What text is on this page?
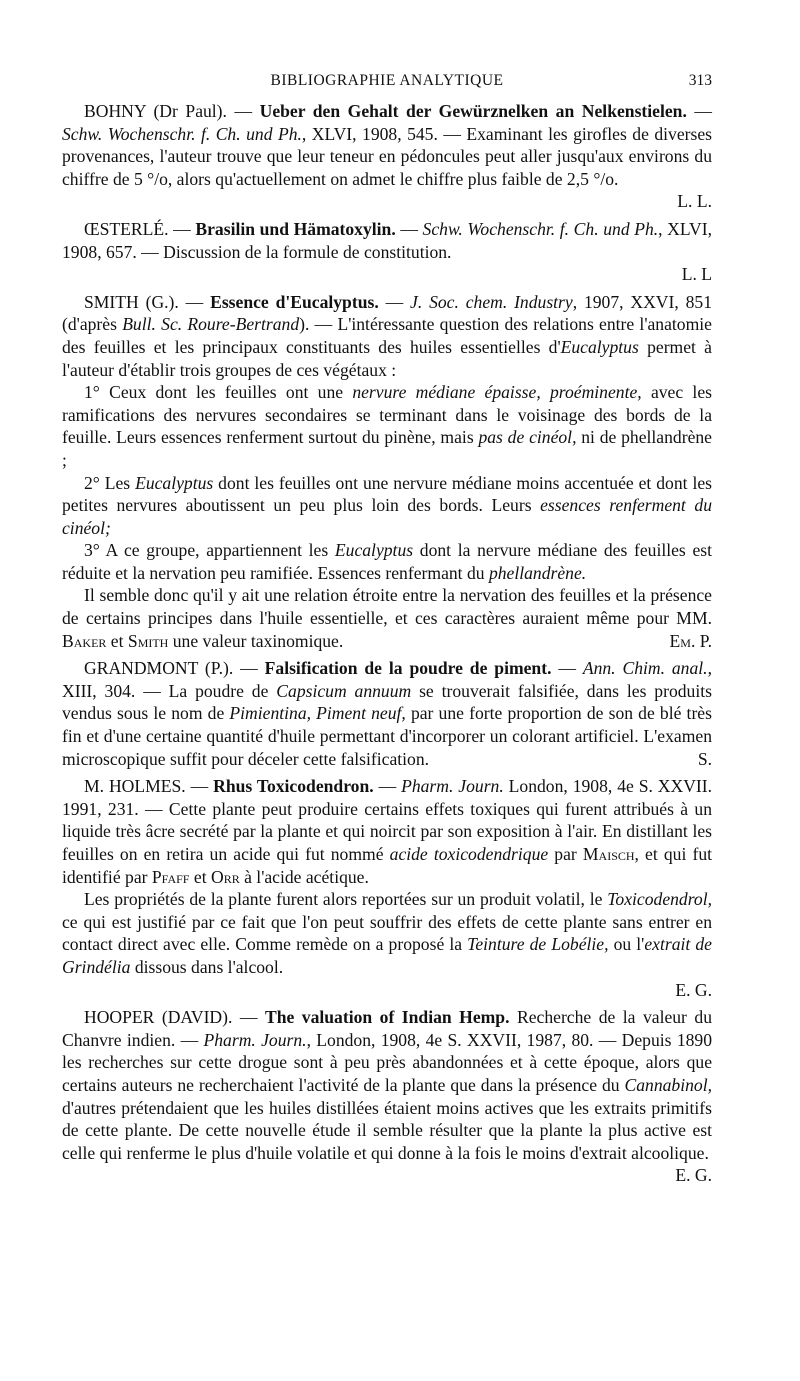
BIBLIOGRAPHIE ANALYTIQUE	313

BOHNY (Dr Paul). — Ueber den Gehalt der Gewürznelken an Nelkenstielen. — Schw. Wochenschr. f. Ch. und Ph., XLVI, 1908, 545. — Examinant les girofles de diverses provenances, l'auteur trouve que leur teneur en pédoncules peut aller jusqu'aux environs du chiffre de 5 °/o, alors qu'actuellement on admet le chiffre plus faible de 2,5 °/o.

L. L.

ŒSTERLÉ. — Brasilin und Hämatoxylin. — Schw. Wochenschr. f. Ch. und Ph., XLVI, 1908, 657. — Discussion de la formule de constitution.

L. L

SMITH (G.). — Essence d'Eucalyptus. — J. Soc. chem. Industry, 1907, XXVI, 851 (d'après Bull. Sc. Roure-Bertrand). — L'intéressante question des relations entre l'anatomie des feuilles et les principaux constituants des huiles essentielles d'Eucalyptus permet à l'auteur d'établir trois groupes de ces végétaux :

1° Ceux dont les feuilles ont une nervure médiane épaisse, proéminente, avec les ramifications des nervures secondaires se terminant dans le voisinage des bords de la feuille. Leurs essences renferment surtout du pinène, mais pas de cinéol, ni de phellandrène ;

2° Les Eucalyptus dont les feuilles ont une nervure médiane moins accentuée et dont les petites nervures aboutissent un peu plus loin des bords. Leurs essences renferment du cinéol;

3° A ce groupe, appartiennent les Eucalyptus dont la nervure médiane des feuilles est réduite et la nervation peu ramifiée. Essences renfermant du phellandrène.

Il semble donc qu'il y ait une relation étroite entre la nervation des feuilles et la présence de certains principes dans l'huile essentielle, et ces caractères auraient même pour MM. Baker et Smith une valeur taxinomique.	Em. P.

GRANDMONT (P.). — Falsification de la poudre de piment. — Ann. Chim. anal., XIII, 304. — La poudre de Capsicum annuum se trouverait falsifiée, dans les produits vendus sous le nom de Pimientina, Piment neuf, par une forte proportion de son de blé très fin et d'une certaine quantité d'huile permettant d'incorporer un colorant artificiel. L'examen microscopique suffit pour déceler cette falsification.	S.

M. HOLMES. — Rhus Toxicodendron. — Pharm. Journ. London, 1908, 4e S. XXVII. 1991, 231. — Cette plante peut produire certains effets toxiques qui furent attribués à un liquide très âcre secrété par la plante et qui noircit par son exposition à l'air. En distillant les feuilles on en retira un acide qui fut nommé acide toxicodendrique par Maisch, et qui fut identifié par Pfaff et Orr à l'acide acétique.

Les propriétés de la plante furent alors reportées sur un produit volatil, le Toxicodendrol, ce qui est justifié par ce fait que l'on peut souffrir des effets de cette plante sans entrer en contact direct avec elle. Comme remède on a proposé la Teinture de Lobélie, ou l'extrait de Grindélia dissous dans l'alcool.

E. G.

HOOPER (DAVID). — The valuation of Indian Hemp. Recherche de la valeur du Chanvre indien. — Pharm. Journ., London, 1908, 4e S. XXVII, 1987, 80. — Depuis 1890 les recherches sur cette drogue sont à peu près abandonnées et à cette époque, alors que certains auteurs ne recherchaient l'activité de la plante que dans la présence du Cannabinol, d'autres prétendaient que les huiles distillées étaient moins actives que les extraits primitifs de cette plante. De cette nouvelle étude il semble résulter que la plante la plus active est celle qui renferme le plus d'huile volatile et qui donne à la fois le moins d'extrait alcoolique.
E. G.
